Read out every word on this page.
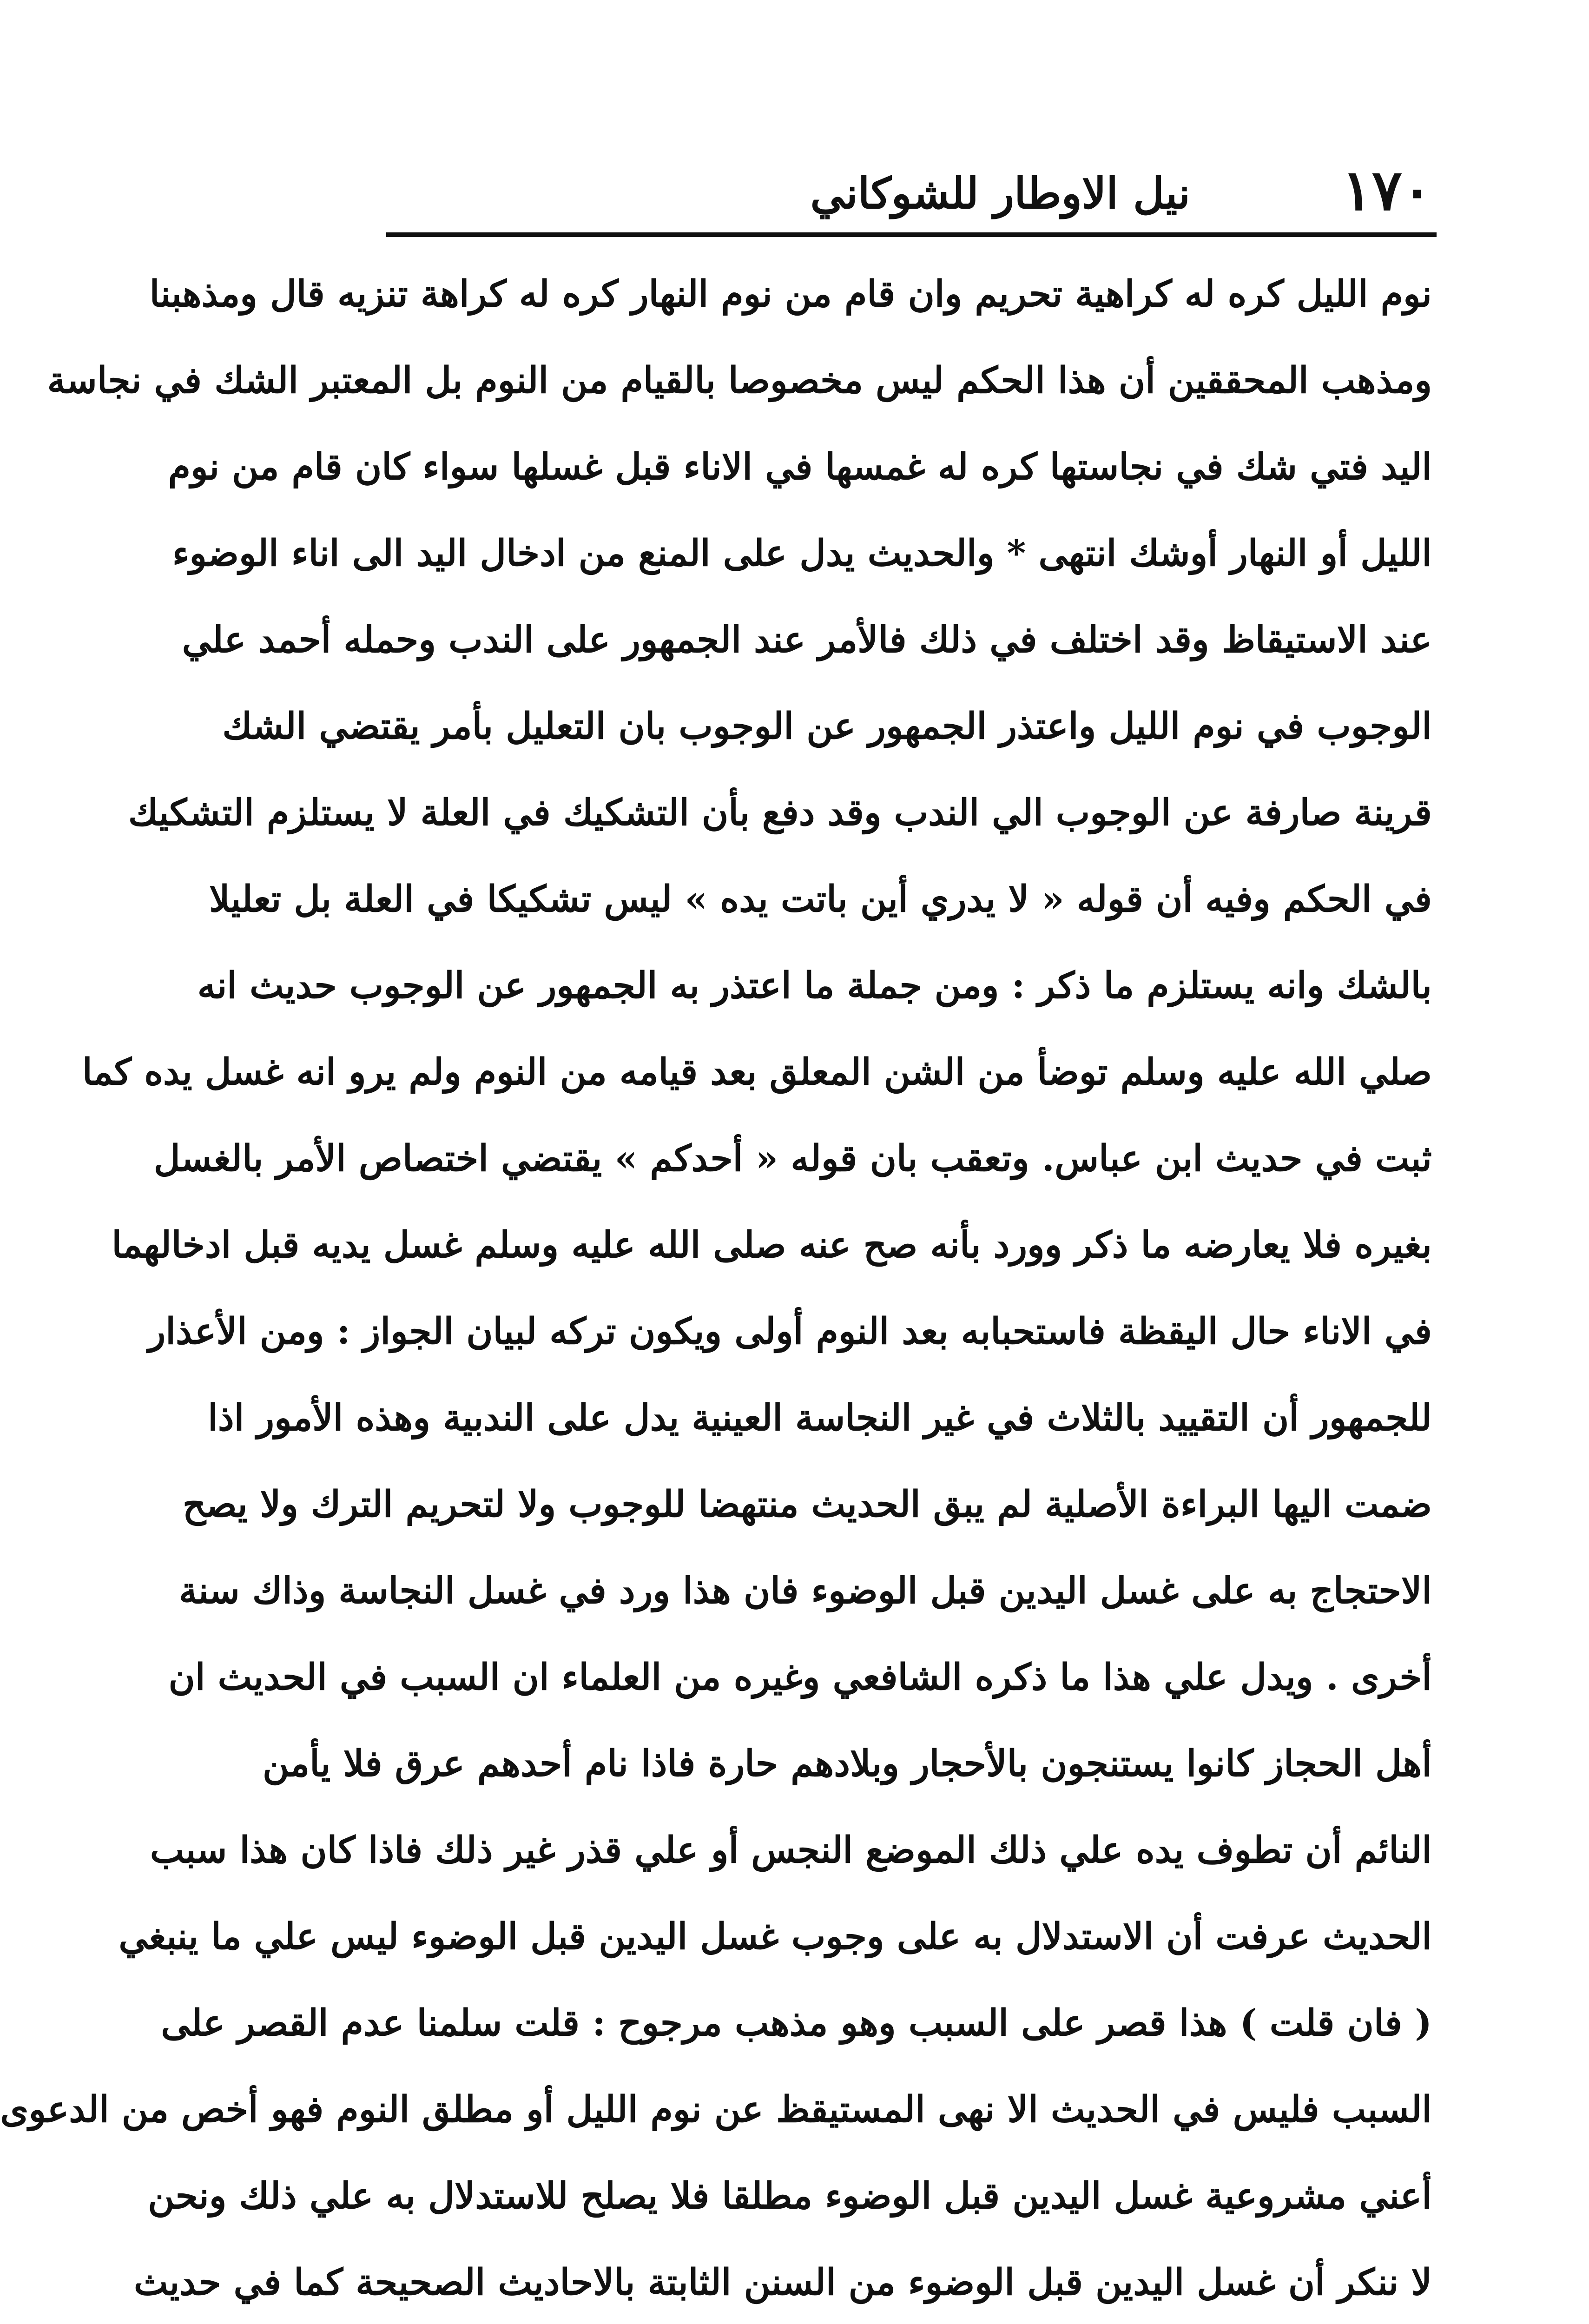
١٧٠
نيل الاوطار للشوكاني
نوم الليل كره له كراهية تحريم وان قام من نوم النهار كره له كراهة تنزيه قال ومذهبنا
ومذهب المحققين أن هذا الحكم ليس مخصوصا بالقيام من النوم بل المعتبر الشك في نجاسة
اليد فتي شك في نجاستها كره له غمسها في الاناء قبل غسلها سواء كان قام من نوم
الليل أو النهار أوشك انتهى * والحديث يدل على المنع من ادخال اليد الى اناء الوضوء
عند الاستيقاظ وقد اختلف في ذلك فالأمر عند الجمهور على الندب وحمله أحمد علي
الوجوب في نوم الليل واعتذر الجمهور عن الوجوب بان التعليل بأمر يقتضي الشك
قرينة صارفة عن الوجوب الي الندب وقد دفع بأن التشكيك في العلة لا يستلزم التشكيك
في الحكم وفيه أن قوله « لا يدري أين باتت يده » ليس تشكيكا في العلة بل تعليلا
بالشك وانه يستلزم ما ذكر : ومن جملة ما اعتذر به الجمهور عن الوجوب حديث انه
صلي الله عليه وسلم توضأ من الشن المعلق بعد قيامه من النوم ولم يرو انه غسل يده كما
ثبت في حديث ابن عباس. وتعقب بان قوله « أحدكم » يقتضي اختصاص الأمر بالغسل
بغيره فلا يعارضه ما ذكر وورد بأنه صح عنه صلى الله عليه وسلم غسل يديه قبل ادخالهما
في الاناء حال اليقظة فاستحبابه بعد النوم أولى ويكون تركه لبيان الجواز : ومن الأعذار
للجمهور أن التقييد بالثلاث في غير النجاسة العينية يدل على الندبية وهذه الأمور اذا
ضمت اليها البراءة الأصلية لم يبق الحديث منتهضا للوجوب ولا لتحريم الترك ولا يصح
الاحتجاج به على غسل اليدين قبل الوضوء فان هذا ورد في غسل النجاسة وذاك سنة
أخرى . ويدل علي هذا ما ذكره الشافعي وغيره من العلماء ان السبب في الحديث ان
أهل الحجاز كانوا يستنجون بالأحجار وبلادهم حارة فاذا نام أحدهم عرق فلا يأمن
النائم أن تطوف يده علي ذلك الموضع النجس أو علي قذر غير ذلك فاذا كان هذا سبب
الحديث عرفت أن الاستدلال به على وجوب غسل اليدين قبل الوضوء ليس علي ما ينبغي
( فان قلت ) هذا قصر على السبب وهو مذهب مرجوح : قلت سلمنا عدم القصر على
السبب فليس في الحديث الا نهى المستيقظ عن نوم الليل أو مطلق النوم فهو أخص من الدعوى
أعني مشروعية غسل اليدين قبل الوضوء مطلقا فلا يصلح للاستدلال به علي ذلك ونحن
لا ننكر أن غسل اليدين قبل الوضوء من السنن الثابتة بالاحاديث الصحيحة كما في حديث
